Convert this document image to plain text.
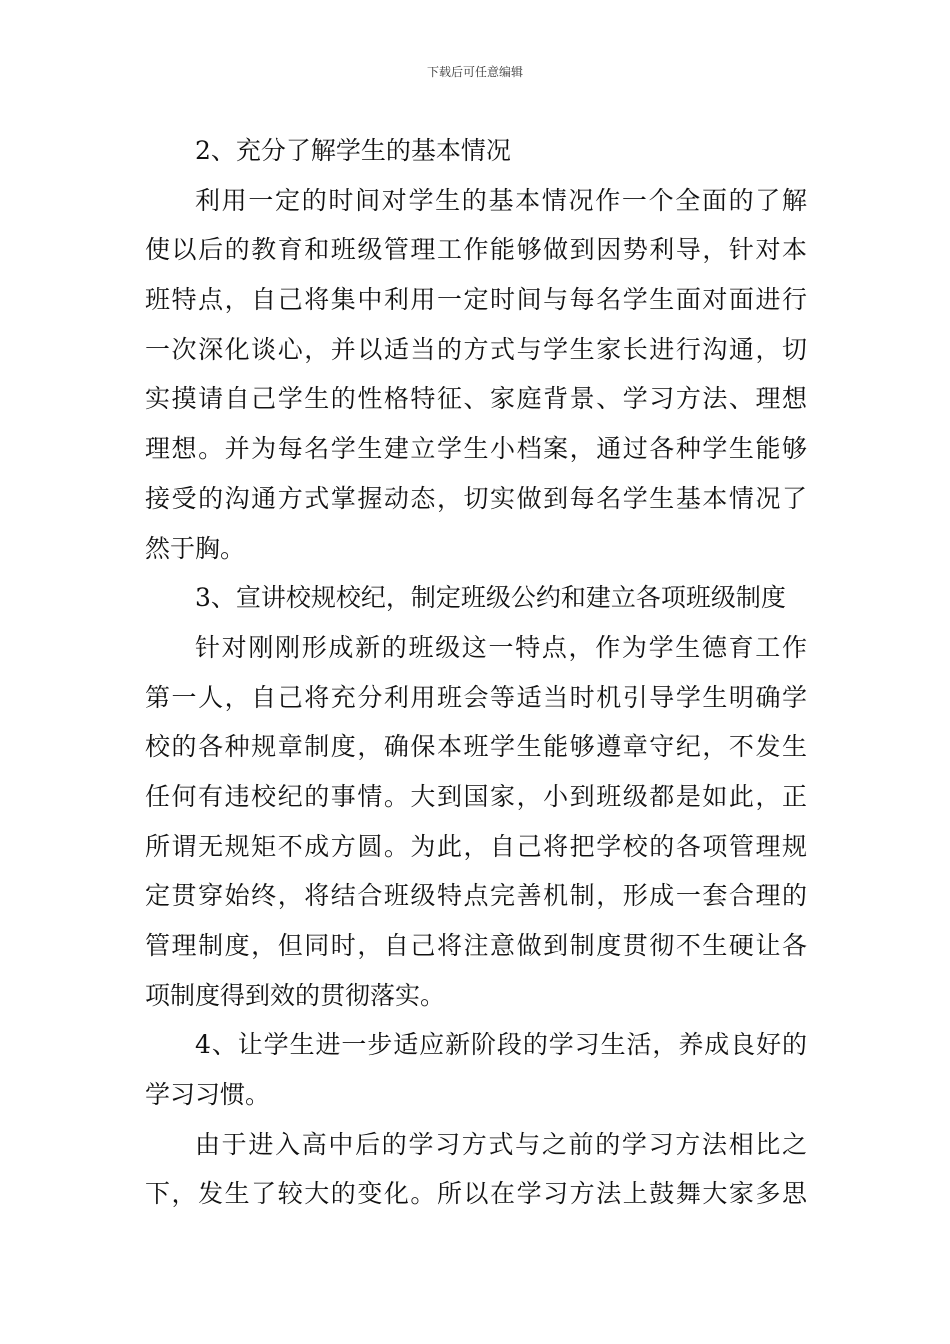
下载后可任意编辑
2、充分了解学生的基本情况
利用一定的时间对学生的基本情况作一个全面的了解
使以后的教育和班级管理工作能够做到因势利导，针对本
班特点，自己将集中利用一定时间与每名学生面对面进行
一次深化谈心，并以适当的方式与学生家长进行沟通，切
实摸请自己学生的性格特征、家庭背景、学习方法、理想
理想。并为每名学生建立学生小档案，通过各种学生能够
接受的沟通方式掌握动态，切实做到每名学生基本情况了
然于胸。
3、宣讲校规校纪，制定班级公约和建立各项班级制度
针对刚刚形成新的班级这一特点，作为学生德育工作
第一人，自己将充分利用班会等适当时机引导学生明确学
校的各种规章制度，确保本班学生能够遵章守纪，不发生
任何有违校纪的事情。大到国家，小到班级都是如此，正
所谓无规矩不成方圆。为此，自己将把学校的各项管理规
定贯穿始终，将结合班级特点完善机制，形成一套合理的
管理制度，但同时，自己将注意做到制度贯彻不生硬让各
项制度得到效的贯彻落实。
4、让学生进一步适应新阶段的学习生活，养成良好的
学习习惯。
由于进入高中后的学习方式与之前的学习方法相比之
下，发生了较大的变化。所以在学习方法上鼓舞大家多思
